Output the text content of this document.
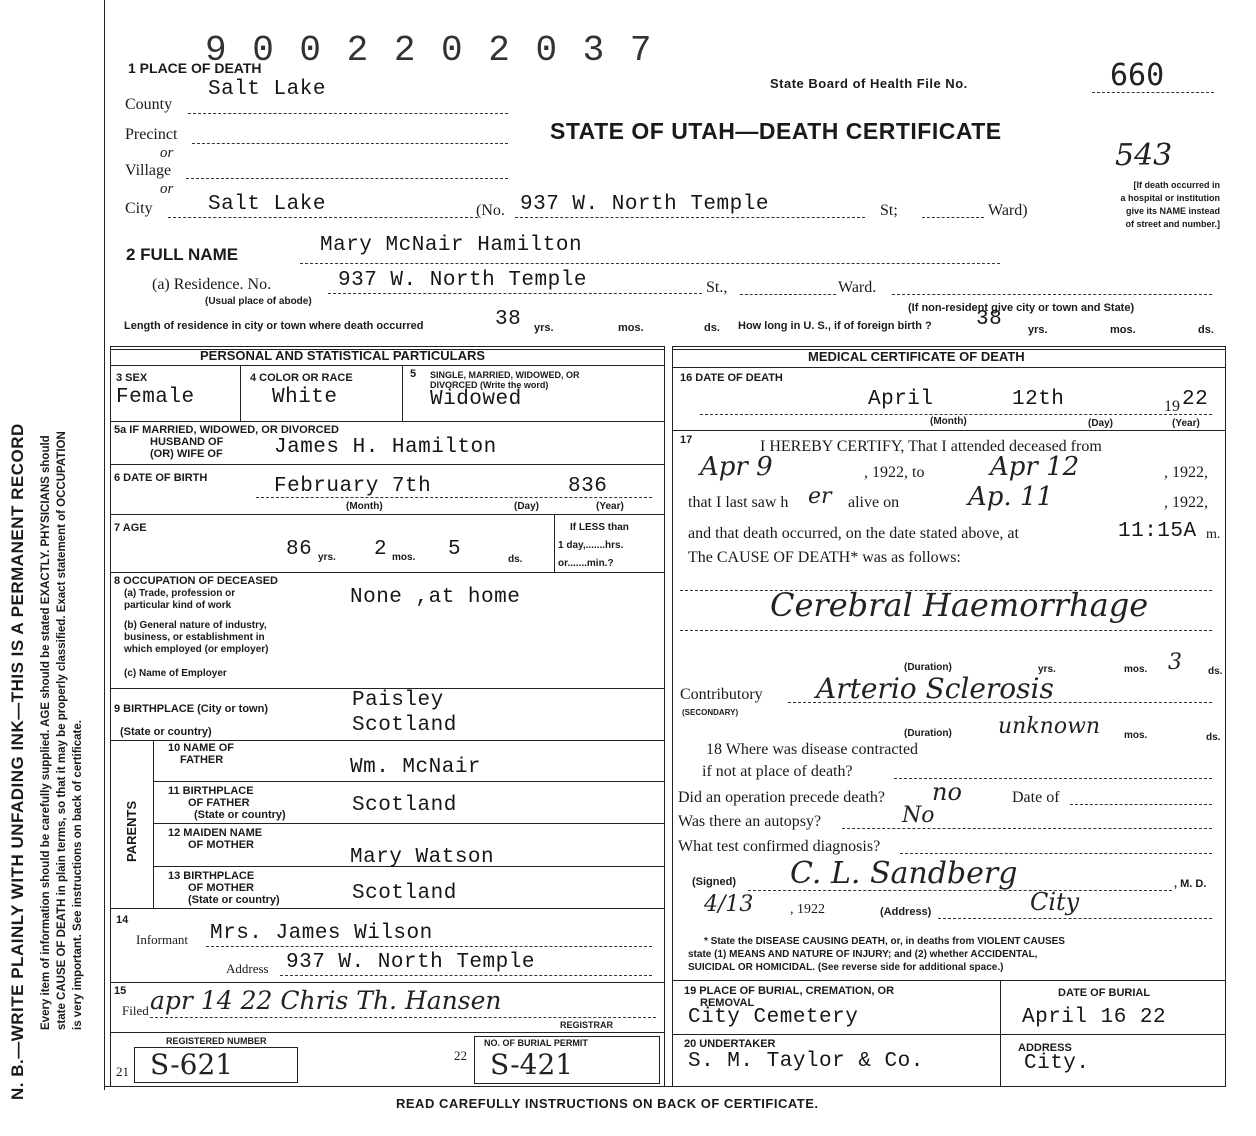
N. B.—WRITE PLAINLY WITH UNFADING INK—THIS IS A PERMANENT RECORD Every item of information should be carefully supplied. AGE should be stated EXACTLY. PHYSICIANS should state CAUSE OF DEATH in plain terms, so that it may be properly classified. Exact statement of OCCUPATION is very important. See instructions on back of certificate.
9 0 0 2 2 0 2 0 3 7
1 PLACE OF DEATH
State Board of Health File No.	660
STATE OF UTAH—DEATH CERTIFICATE
543
[If death occurred in
a hospital or institution
give its NAME instead
of street and number.]
County
Salt Lake
Precinct
or
Village
or
City	Salt Lake	(No. 937 W. North Temple	St;	Ward)
2 FULL NAME	Mary McNair Hamilton
(a) Residence. No.	937 W. North Temple	St.,	Ward.
(Usual place of abode)
(If non-resident give city or town and State)
Length of residence in city or town where death occurred	38 yrs.	mos.	ds. How long in U. S., if of foreign birth ? 38 yrs.	mos.	ds.
PERSONAL AND STATISTICAL PARTICULARS
3 SEX
Female
4 COLOR OR RACE
White
5 SINGLE, MARRIED, WIDOWED, OR
DIVORCED (Write the word)
Widowed
5a IF MARRIED, WIDOWED, OR DIVORCED
HUSBAND OF
(OR) WIFE OF James H. Hamilton
6 DATE OF BIRTH	February 7th	836
(Month)	(Day)	(Year)
7 AGE
86 yrs. 2 mos. 5	ds.
If LESS than
1 day,.......hrs.
or.......min.?
8 OCCUPATION OF DECEASED
(a) Trade, profession or
particular kind of work	None ,at home
(b) General nature of industry,
business, or establishment in
which employed (or employer)
(c) Name of Employer
9 BIRTHPLACE (City or town)
(State or country)
Paisley
Scotland
PARENTS
10 NAME OF
FATHER	Wm. McNair
11 BIRTHPLACE
OF FATHER
(State or country)	Scotland
12 MAIDEN NAME
OF MOTHER
Mary Watson
13 BIRTHPLACE
OF MOTHER
(State or country)	Scotland
14
Informant Mrs. James Wilson
Address 937 W. North Temple
15
Filed apr 14 22 Chris Th. Hansen
REGISTRAR
REGISTERED NUMBER
21 S-621	22
NO. OF BURIAL PERMIT
S-421
MEDICAL CERTIFICATE OF DEATH
16 DATE OF DEATH
April	12th	19 22
(Month)	(Day)	(Year)
17	I HEREBY CERTIFY, That I attended deceased from
Apr 9	, 1922, to	Apr 12	, 1922,
that I last saw h er alive on	Ap. 11	, 1922,
and that death occurred, on the date stated above, at	11:15A m.
The CAUSE OF DEATH* was as follows:
Cerebral Haemorrhage
(Duration)	yrs.	mos. 3	ds.
Contributory
(SECONDARY)
Arterio Sclerosis
(Duration) unknown mos.	ds.
18 Where was disease contracted
if not at place of death?
Did an operation precede death? no	Date of
Was there an autopsy?	No
What test confirmed diagnosis?
(Signed) C. L. Sandberg	, M. D.
4/13	, 1922	(Address)	City
* State the DISEASE CAUSING DEATH, or, in deaths from VIOLENT CAUSES
state (1) MEANS AND NATURE OF INJURY; and (2) whether ACCIDENTAL,
SUICIDAL OR HOMICIDAL. (See reverse side for additional space.)
19 PLACE OF BURIAL, CREMATION, OR
REMOVAL
City Cemetery
DATE OF BURIAL
April 16 22
20 UNDERTAKER
S. M. Taylor & Co.
ADDRESS
City.
READ CAREFULLY INSTRUCTIONS ON BACK OF CERTIFICATE.
